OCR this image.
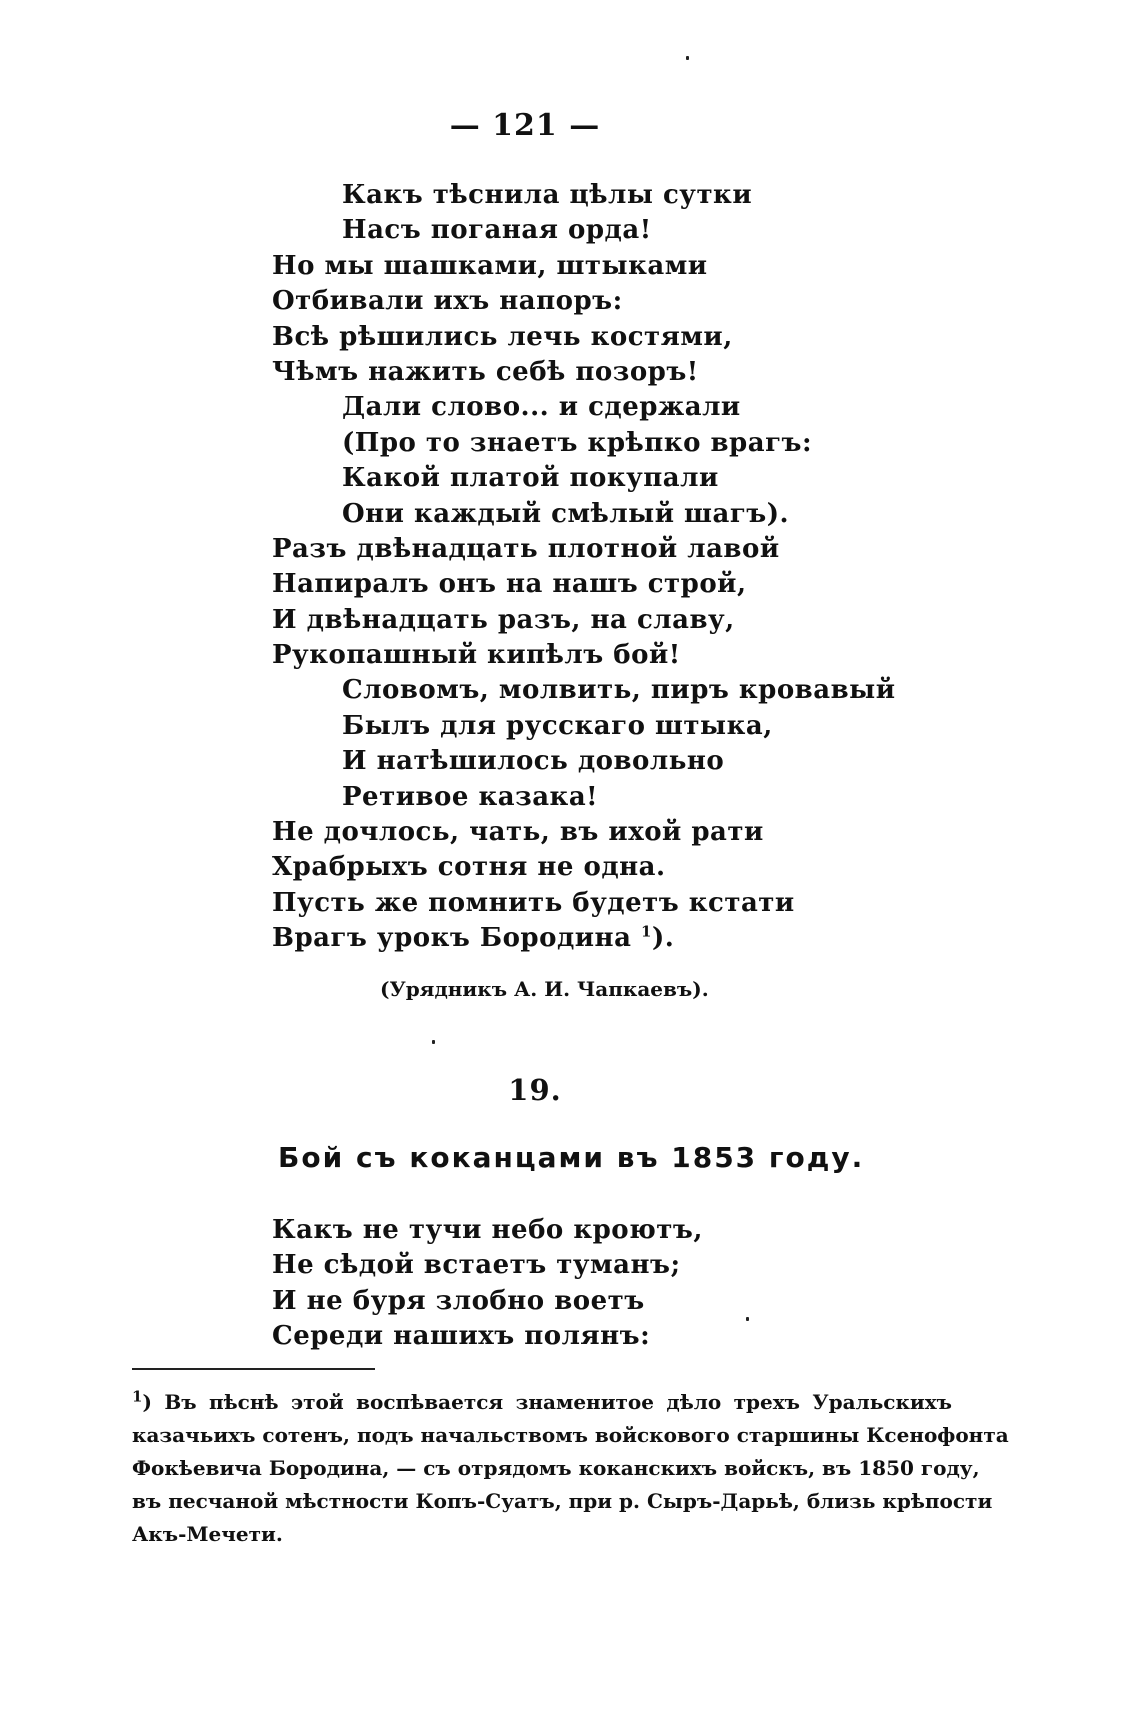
— 121 —
Какъ тѣснила цѣлы сутки
Насъ поганая орда!
Но мы шашками, штыками
Отбивали ихъ напоръ:
Всѣ рѣшились лечь костями,
Чѣмъ нажить себѣ позоръ!
Дали слово... и сдержали
(Про то знаетъ крѣпко врагъ:
Какой платой покупали
Они каждый смѣлый шагъ).
Разъ двѣнадцать плотной лавой
Напиралъ онъ на нашъ строй,
И двѣнадцать разъ, на славу,
Рукопашный кипѣлъ бой!
Словомъ, молвить, пиръ кровавый
Былъ для русскаго штыка,
И натѣшилось довольно
Ретивое казака!
Не дочлось, чать, въ ихой рати
Храбрыхъ сотня не одна.
Пусть же помнить будетъ кстати
Врагъ урокъ Бородина $^1$).
(Урядникъ А. И. Чапкаевъ).
19.
Бой съ коканцами въ 1853 году.
Какъ не тучи небо кроютъ,
Не сѣдой встаетъ туманъ;
И не буря злобно воетъ
Середи нашихъ полянъ:
$^1$) Въ пѣснѣ этой воспѣвается знаменитое дѣло трехъ Уральскихъ
казачьихъ сотенъ, подъ начальствомъ войскового старшины Ксенофонта
Фокѣевича Бородина, — съ отрядомъ коканскихъ войскъ, въ 1850 году,
въ песчаной мѣстности Копъ-Суатъ, при р. Сыръ-Дарьѣ, близь крѣпости
Акъ-Мечети.
